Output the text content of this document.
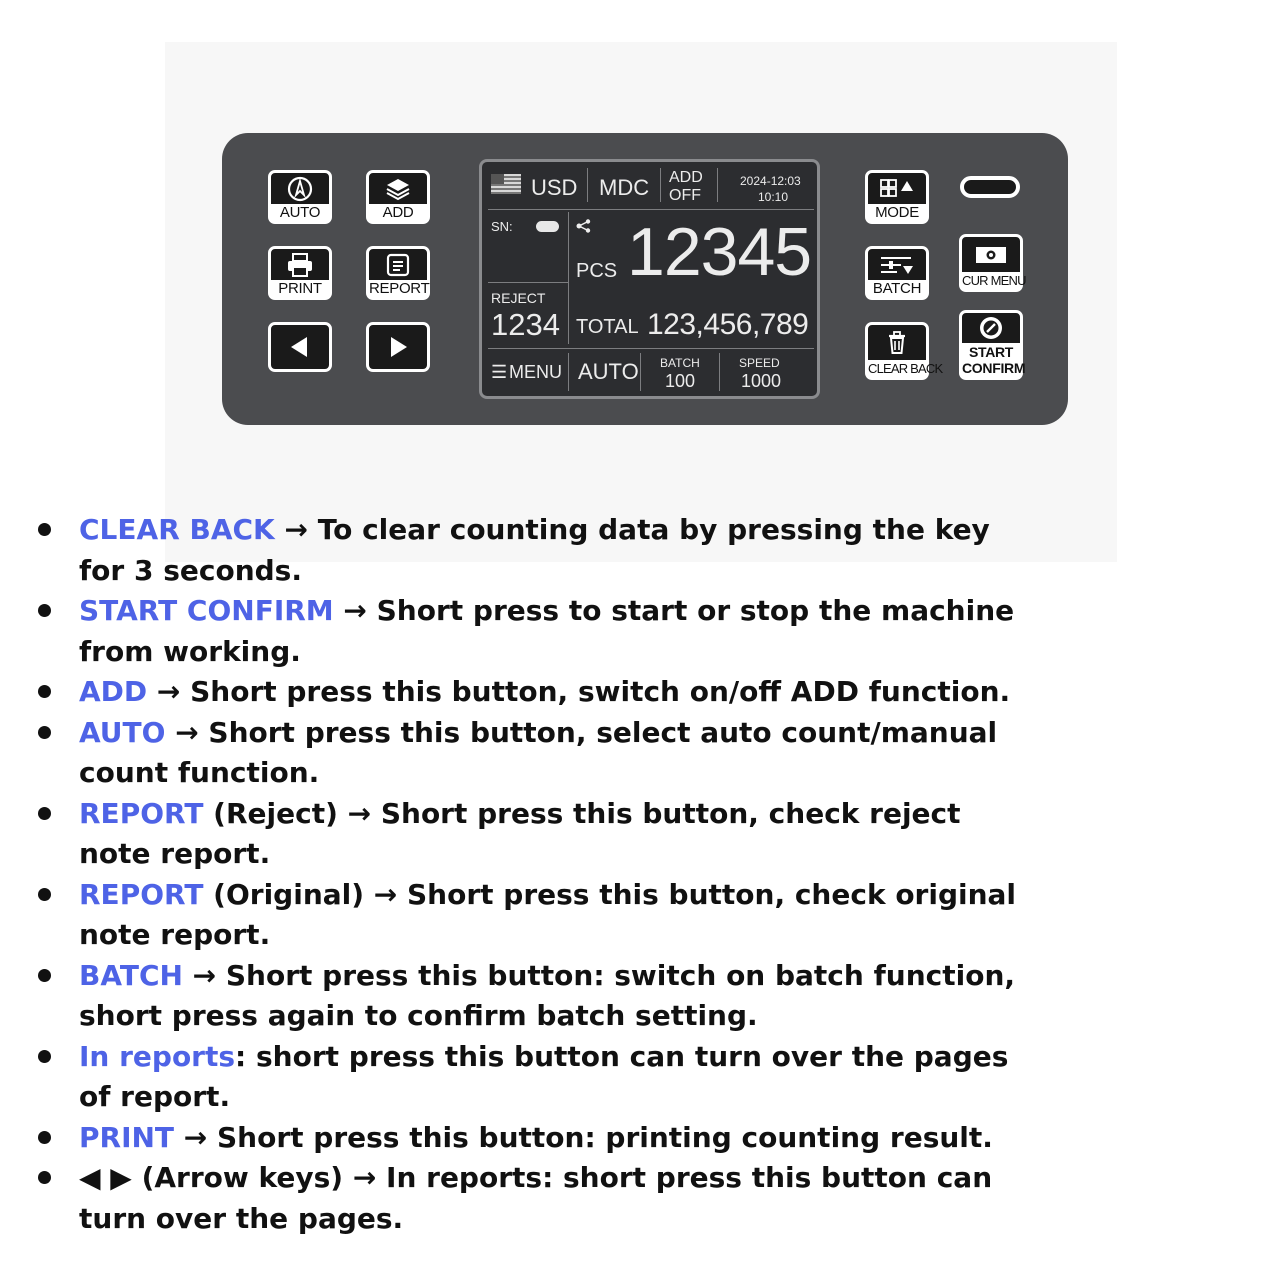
AUTO	ADD
PRINT	REPORT
USD MDC ADD
OFF
2024-12:03
10:10
SN:
PCS 12345
REJECT
1234 TOTAL 123,456,789
☰ MENU AUTO BATCH
100
SPEED
1000
MODE
BATCH	CUR MENU
CLEAR BACK
START
CONFIRM
CLEAR BACK → To clear counting data by pressing the key for 3 seconds.
START CONFIRM → Short press to start or stop the machine from working.
ADD → Short press this button, switch on/off ADD function.
AUTO → Short press this button, select auto count/manual count function.
REPORT (Reject) → Short press this button, check reject note report.
REPORT (Original) → Short press this button, check original note report.
BATCH → Short press this button: switch on batch function, short press again to confirm batch setting.
In reports: short press this button can turn over the pages of report.
PRINT → Short press this button: printing counting result.
◀ ▶ (Arrow keys) → In reports: short press this button can turn over the pages.
